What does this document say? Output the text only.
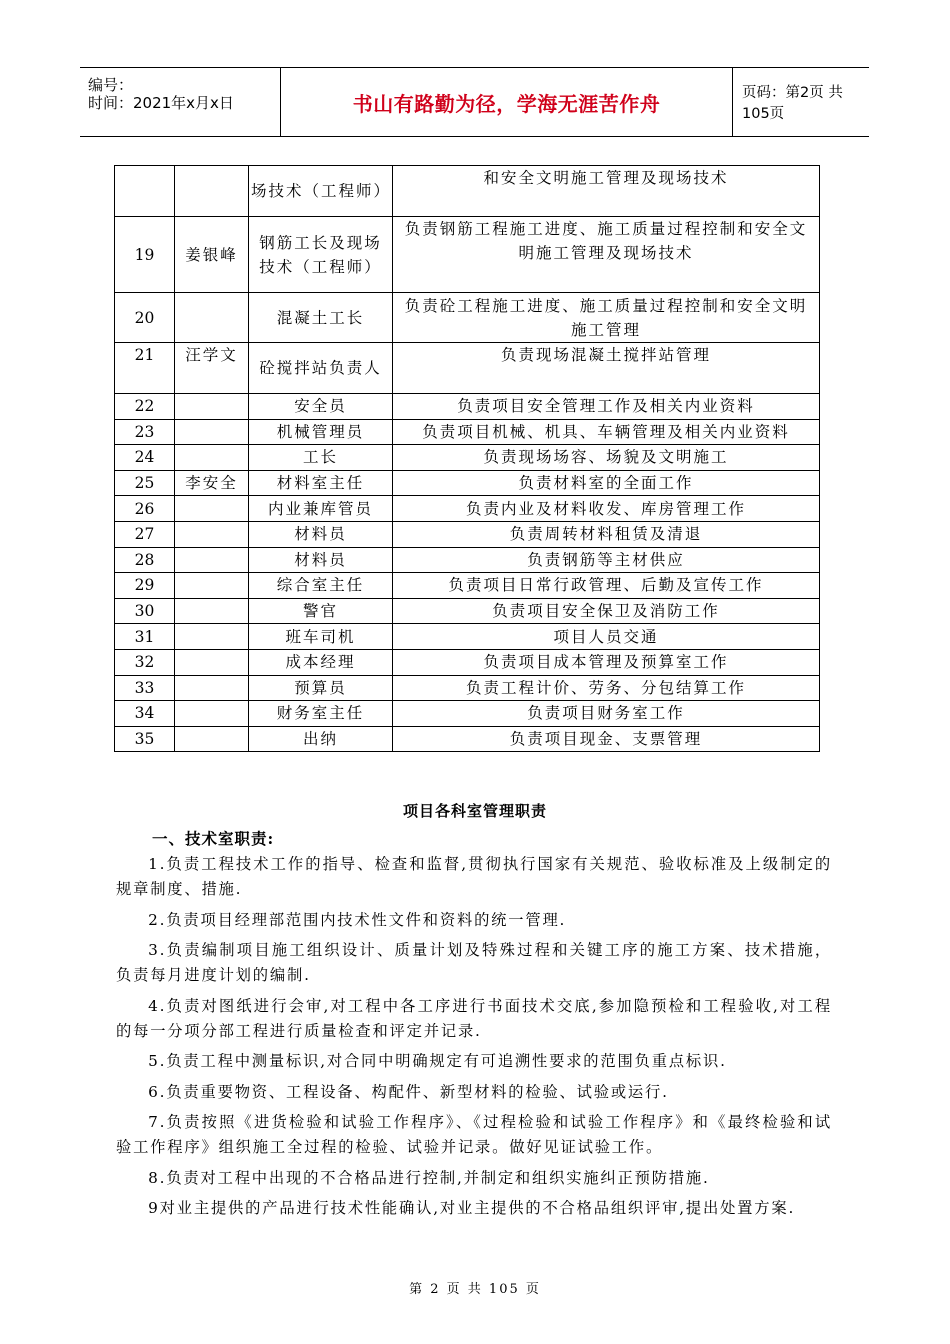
编号：
时间：2021年x月x日	书山有路勤为径，学海无涯苦作舟	页码：第2页 共105页
		场技术（工程师）	和安全文明施工管理及现场技术
19	姜银峰	钢筋工长及现场技术（工程师）	负责钢筋工程施工进度、施工质量过程控制和安全文明施工管理及现场技术
20		混凝土工长	负责砼工程施工进度、施工质量过程控制和安全文明施工管理
21	汪学文	砼搅拌站负责人	负责现场混凝土搅拌站管理
22		安全员	负责项目安全管理工作及相关内业资料
23		机械管理员	负责项目机械、机具、车辆管理及相关内业资料
24		工长	负责现场场容、场貌及文明施工
25	李安全	材料室主任	负责材料室的全面工作
26		内业兼库管员	负责内业及材料收发、库房管理工作
27		材料员	负责周转材料租赁及清退
28		材料员	负责钢筋等主材供应
29		综合室主任	负责项目日常行政管理、后勤及宣传工作
30		警官	负责项目安全保卫及消防工作
31		班车司机	项目人员交通
32		成本经理	负责项目成本管理及预算室工作
33		预算员	负责工程计价、劳务、分包结算工作
34		财务室主任	负责项目财务室工作
35		出纳	负责项目现金、支票管理
项目各科室管理职责
一、技术室职责:

1.负责工程技术工作的指导、检查和监督,贯彻执行国家有关规范、验收标准及上级制定的规章制度、措施.

2.负责项目经理部范围内技术性文件和资料的统一管理.

3.负责编制项目施工组织设计、质量计划及特殊过程和关键工序的施工方案、技术措施，负责每月进度计划的编制.

4.负责对图纸进行会审,对工程中各工序进行书面技术交底,参加隐预检和工程验收,对工程的每一分项分部工程进行质量检查和评定并记录.

5.负责工程中测量标识,对合同中明确规定有可追溯性要求的范围负重点标识.

6.负责重要物资、工程设备、构配件、新型材料的检验、试验或运行.

7.负责按照《进货检验和试验工作程序》、《过程检验和试验工作程序》和《最终检验和试验工作程序》组织施工全过程的检验、试验并记录。做好见证试验工作。

8.负责对工程中出现的不合格品进行控制,并制定和组织实施纠正预防措施.

9对业主提供的产品进行技术性能确认,对业主提供的不合格品组织评审,提出处置方案.

第 2 页 共 105 页
